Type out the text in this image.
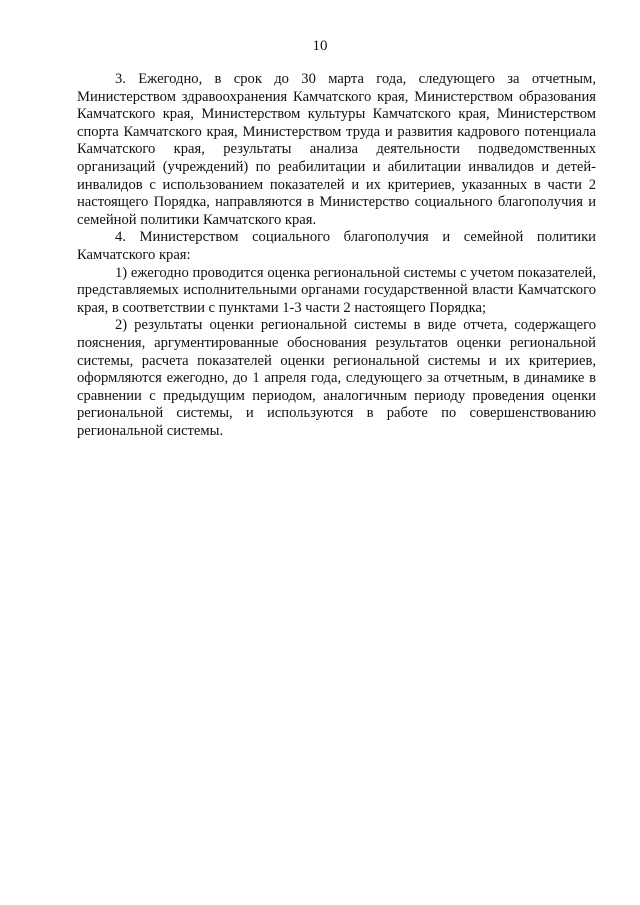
10

3. Ежегодно, в срок до 30 марта года, следующего за отчетным, Министерством здравоохранения Камчатского края, Министерством образования Камчатского края, Министерством культуры Камчатского края, Министерством спорта Камчатского края, Министерством труда и развития кадрового потенциала Камчатского края, результаты анализа деятельности подведомственных организаций (учреждений) по реабилитации и абилитации инвалидов и детей-инвалидов с использованием показателей и их критериев, указанных в части 2 настоящего Порядка, направляются в Министерство социального благополучия и семейной политики Камчатского края.

4. Министерством социального благополучия и семейной политики Камчатского края:

1) ежегодно проводится оценка региональной системы с учетом показателей, представляемых исполнительными органами государственной власти Камчатского края, в соответствии с пунктами 1-3 части 2 настоящего Порядка;

2) результаты оценки региональной системы в виде отчета, содержащего пояснения, аргументированные обоснования результатов оценки региональной системы, расчета показателей оценки региональной системы и их критериев, оформляются ежегодно, до 1 апреля года, следующего за отчетным, в динамике в сравнении с предыдущим периодом, аналогичным периоду проведения оценки региональной системы, и используются в работе по совершенствованию региональной системы.
